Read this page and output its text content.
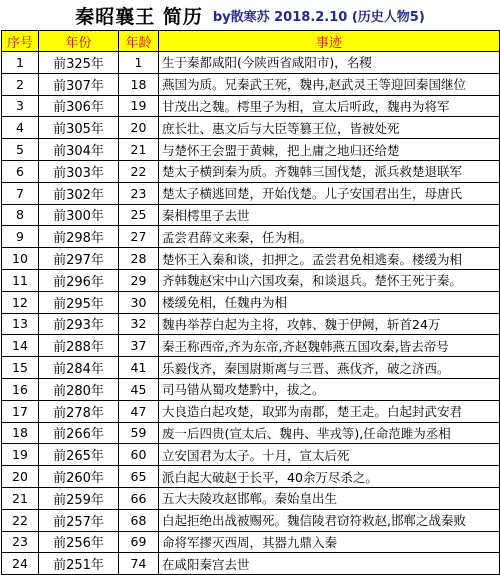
秦昭襄王 简历 by散寒苏 2018.2.10 (历史人物5)
序号	年份	年龄	事迹
1	前325年	1	生于秦都咸阳(今陕西省咸阳市)，名稷
2	前307年	18	燕国为质。兄秦武王死，魏冉,赵武灵王等迎回秦国继位
3	前306年	19	甘茂出之魏。樗里子为相，宣太后听政，魏冉为将军
4	前305年	20	庶长壮、惠文后与大臣等篡王位，皆被处死
5	前304年	21	与楚怀王会盟于黄棘，把上庸之地归还给楚
6	前303年	22	楚太子横到秦为质。齐魏韩三国伐楚，派兵救楚退联军
7	前302年	23	楚太子横逃回楚，开始伐楚。儿子安国君出生，母唐氏
8	前300年	25	秦相樗里子去世
9	前298年	27	孟尝君薛文来秦，任为相。
10	前297年	28	楚怀王入秦和谈，扣押之。孟尝君免相逃秦。楼缓为相
11	前296年	29	齐韩魏赵宋中山六国攻秦，和谈退兵。楚怀王死于秦。
12	前295年	30	楼缓免相，任魏冉为相
13	前293年	32	魏冉举荐白起为主将，攻韩、魏于伊阙，斩首24万
14	前288年	37	秦王称西帝,齐为东帝,齐赵魏韩燕五国攻秦,皆去帝号
15	前284年	41	乐毅伐齐，秦国尉斯离与三晋、燕伐齐，破之济西。
16	前280年	45	司马错从蜀攻楚黔中，拔之。
17	前278年	47	大良造白起攻楚，取郢为南郡，楚王走。白起封武安君
18	前266年	59	废一后四贵(宣太后、魏冉、芈戎等),任命范雎为丞相
19	前265年	60	立安国君为太子。十月，宣太后死
20	前260年	65	派白起大破赵于长平，40余万尽杀之。
21	前259年	66	五大夫陵攻赵邯郸。秦始皇出生
22	前257年	68	白起拒绝出战被赐死。魏信陵君窃符救赵,邯郸之战秦败
23	前256年	69	命将军摎灭西周，其器九鼎入秦
24	前251年	74	在咸阳秦宫去世
